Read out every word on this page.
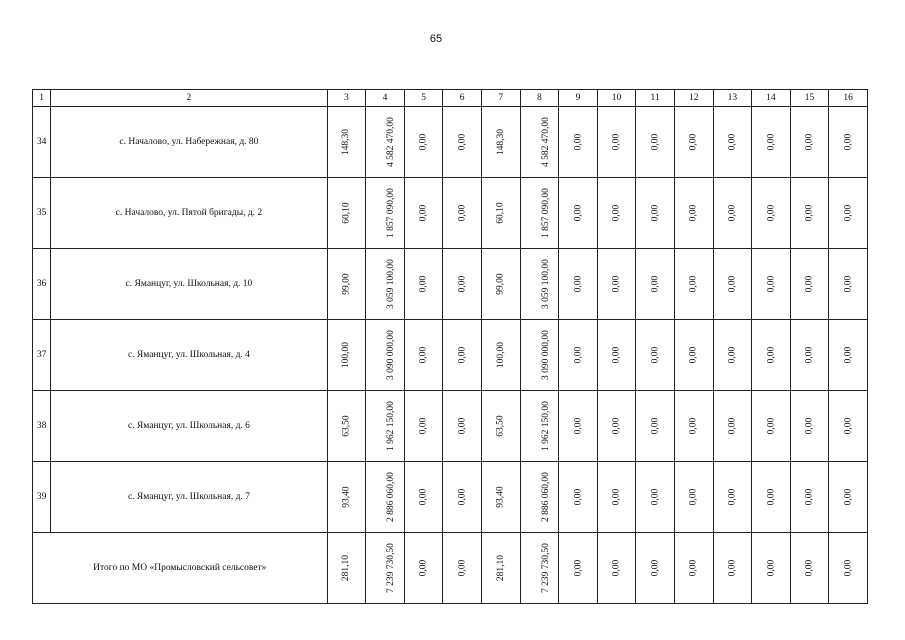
65
1	2	3	4	5	6	7	8	9	10	11	12	13	14	15	16
34	с. Началово, ул. Набережная, д. 80	148,30	4 582 470,00	0,00	0,00	148,30	4 582 470,00	0,00	0,00	0,00	0,00	0,00	0,00	0,00	0,00
35	с. Началово, ул. Пятой бригады, д. 2	60,10	1 857 090,00	0,00	0,00	60,10	1 857 090,00	0,00	0,00	0,00	0,00	0,00	0,00	0,00	0,00
36	с. Яманцуг, ул. Школьная, д. 10	99,00	3 059 100,00	0,00	0,00	99,00	3 059 100,00	0,00	0,00	0,00	0,00	0,00	0,00	0,00	0,00
37	с. Яманцуг, ул. Школьная, д. 4	100,00	3 090 000,00	0,00	0,00	100,00	3 090 000,00	0,00	0,00	0,00	0,00	0,00	0,00	0,00	0,00
38	с. Яманцуг, ул. Школьная, д. 6	63,50	1 962 150,00	0,00	0,00	63,50	1 962 150,00	0,00	0,00	0,00	0,00	0,00	0,00	0,00	0,00
39	с. Яманцуг, ул. Школьная, д. 7	93,40	2 886 060,00	0,00	0,00	93,40	2 886 060,00	0,00	0,00	0,00	0,00	0,00	0,00	0,00	0,00
Итого по МО «Промысловский сельсовет»		281,10	7 239 730,50	0,00	0,00	281,10	7 239 730,50	0,00	0,00	0,00	0,00	0,00	0,00	0,00	0,00
